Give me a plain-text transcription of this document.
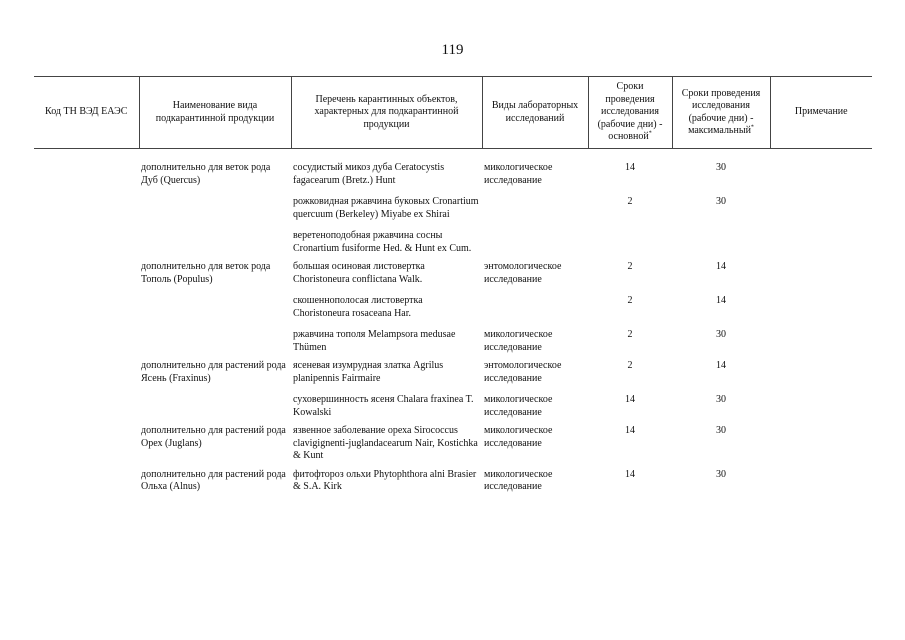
119
Код ТН ВЭД ЕАЭС	Наименование вида подкарантинной продукции	Перечень карантинных объектов, характерных для подкарантинной продукции	Виды лабораторных исследований	Сроки проведения исследования (рабочие дни) - основной*	Сроки проведения исследования (рабочие дни) - максимальный*	Примечание

	дополнительно для веток рода Дуб (Quercus)	сосудистый микоз дуба Ceratocystis fagacearum (Bretz.) Hunt	микологическое исследование	14	30	
		рожковидная ржавчина буковых Cronartium quercuum (Berkeley) Miyabe ex Shirai		2	30	
		веретеноподобная ржавчина сосны Cronartium fusiforme Hed. & Hunt ex Cum.				
	дополнительно для веток рода Тополь (Populus)	большая осиновая листовертка Choristoneura conflictana Walk.	энтомологическое исследование	2	14	
		скошеннополосая листовертка Choristoneura rosaceana Har.		2	14	
		ржавчина тополя Melampsora medusae Thümen	микологическое исследование	2	30	
	дополнительно для растений рода Ясень (Fraxinus)	ясеневая изумрудная златка Agrilus planipennis Fairmaire	энтомологическое исследование	2	14	
		суховершинность ясеня Chalara fraxinea T. Kowalski	микологическое исследование	14	30	
	дополнительно для растений рода Орех (Juglans)	язвенное заболевание ореха Sirococcus clavigignenti-juglandacearum Nair, Kostichka & Kunt	микологическое исследование	14	30	
	дополнительно для растений рода Ольха (Alnus)	фитофтороз ольхи Phytophthora alni Brasier & S.A. Kirk	микологическое исследование	14	30	
